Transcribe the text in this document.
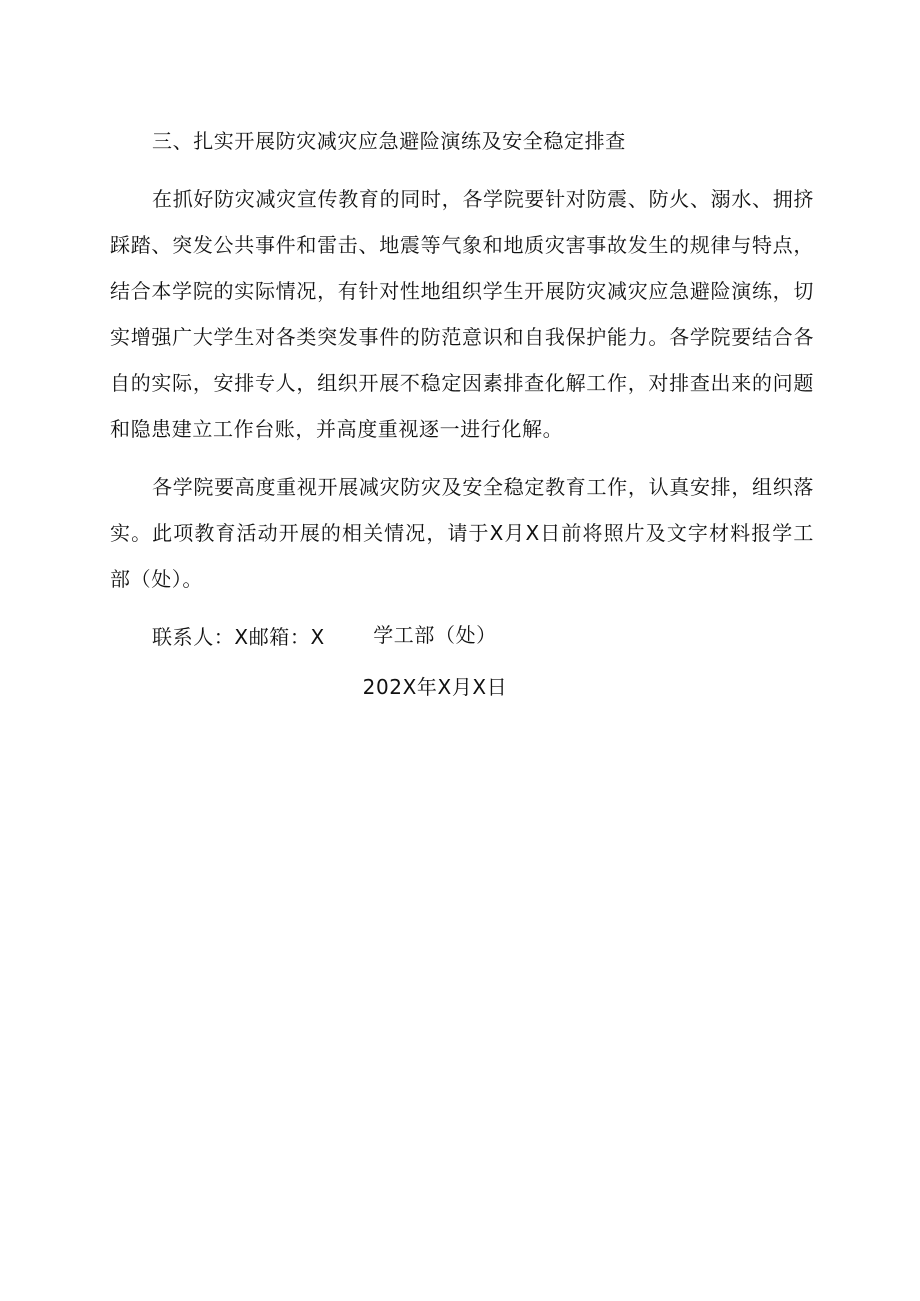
三、扎实开展防灾减灾应急避险演练及安全稳定排查

在抓好防灾减灾宣传教育的同时，各学院要针对防震、防火、溺水、拥挤踩踏、突发公共事件和雷击、地震等气象和地质灾害事故发生的规律与特点，结合本学院的实际情况，有针对性地组织学生开展防灾减灾应急避险演练，切实增强广大学生对各类突发事件的防范意识和自我保护能力。各学院要结合各自的实际，安排专人，组织开展不稳定因素排查化解工作，对排查出来的问题和隐患建立工作台账，并高度重视逐一进行化解。

各学院要高度重视开展减灾防灾及安全稳定教育工作，认真安排，组织落实。此项教育活动开展的相关情况，请于X月X日前将照片及文字材料报学工部（处）。

联系人：X邮箱：X	学工部（处）
202X年X月X日
